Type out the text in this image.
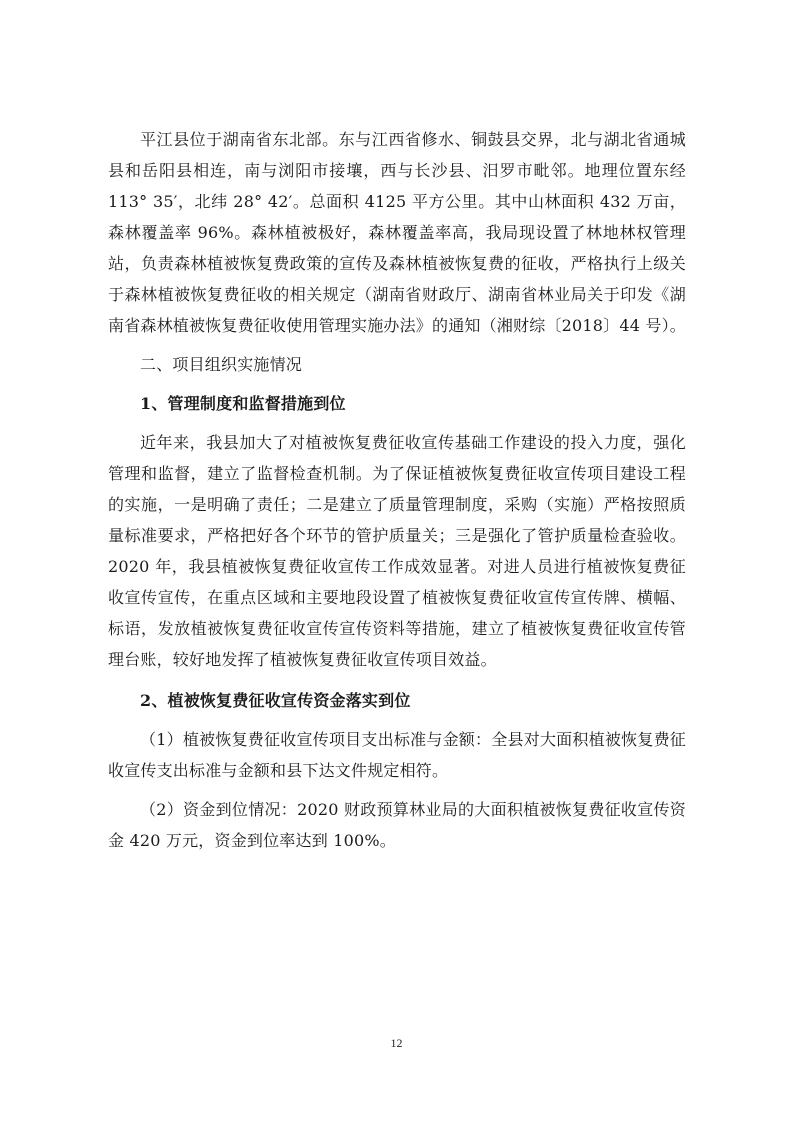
平江县位于湖南省东北部。东与江西省修水、铜鼓县交界，北与湖北省通城县和岳阳县相连，南与浏阳市接壤，西与长沙县、汨罗市毗邻。地理位置东经 113° 35′，北纬 28° 42′。总面积 4125 平方公里。其中山林面积 432 万亩，森林覆盖率 96%。森林植被极好，森林覆盖率高，我局现设置了林地林权管理站，负责森林植被恢复费政策的宣传及森林植被恢复费的征收，严格执行上级关于森林植被恢复费征收的相关规定（湖南省财政厅、湖南省林业局关于印发《湖南省森林植被恢复费征收使用管理实施办法》的通知（湘财综〔2018〕44 号）。

二、项目组织实施情况

1、管理制度和监督措施到位

近年来，我县加大了对植被恢复费征收宣传基础工作建设的投入力度，强化管理和监督，建立了监督检查机制。为了保证植被恢复费征收宣传项目建设工程的实施，一是明确了责任；二是建立了质量管理制度，采购（实施）严格按照质量标准要求，严格把好各个环节的管护质量关；三是强化了管护质量检查验收。2020 年，我县植被恢复费征收宣传工作成效显著。对进人员进行植被恢复费征收宣传宣传，在重点区域和主要地段设置了植被恢复费征收宣传宣传牌、横幅、标语，发放植被恢复费征收宣传宣传资料等措施，建立了植被恢复费征收宣传管理台账，较好地发挥了植被恢复费征收宣传项目效益。

2、植被恢复费征收宣传资金落实到位

（1）植被恢复费征收宣传项目支出标准与金额：全县对大面积植被恢复费征收宣传支出标准与金额和县下达文件规定相符。

（2）资金到位情况：2020 财政预算林业局的大面积植被恢复费征收宣传资金 420 万元，资金到位率达到 100%。

12
